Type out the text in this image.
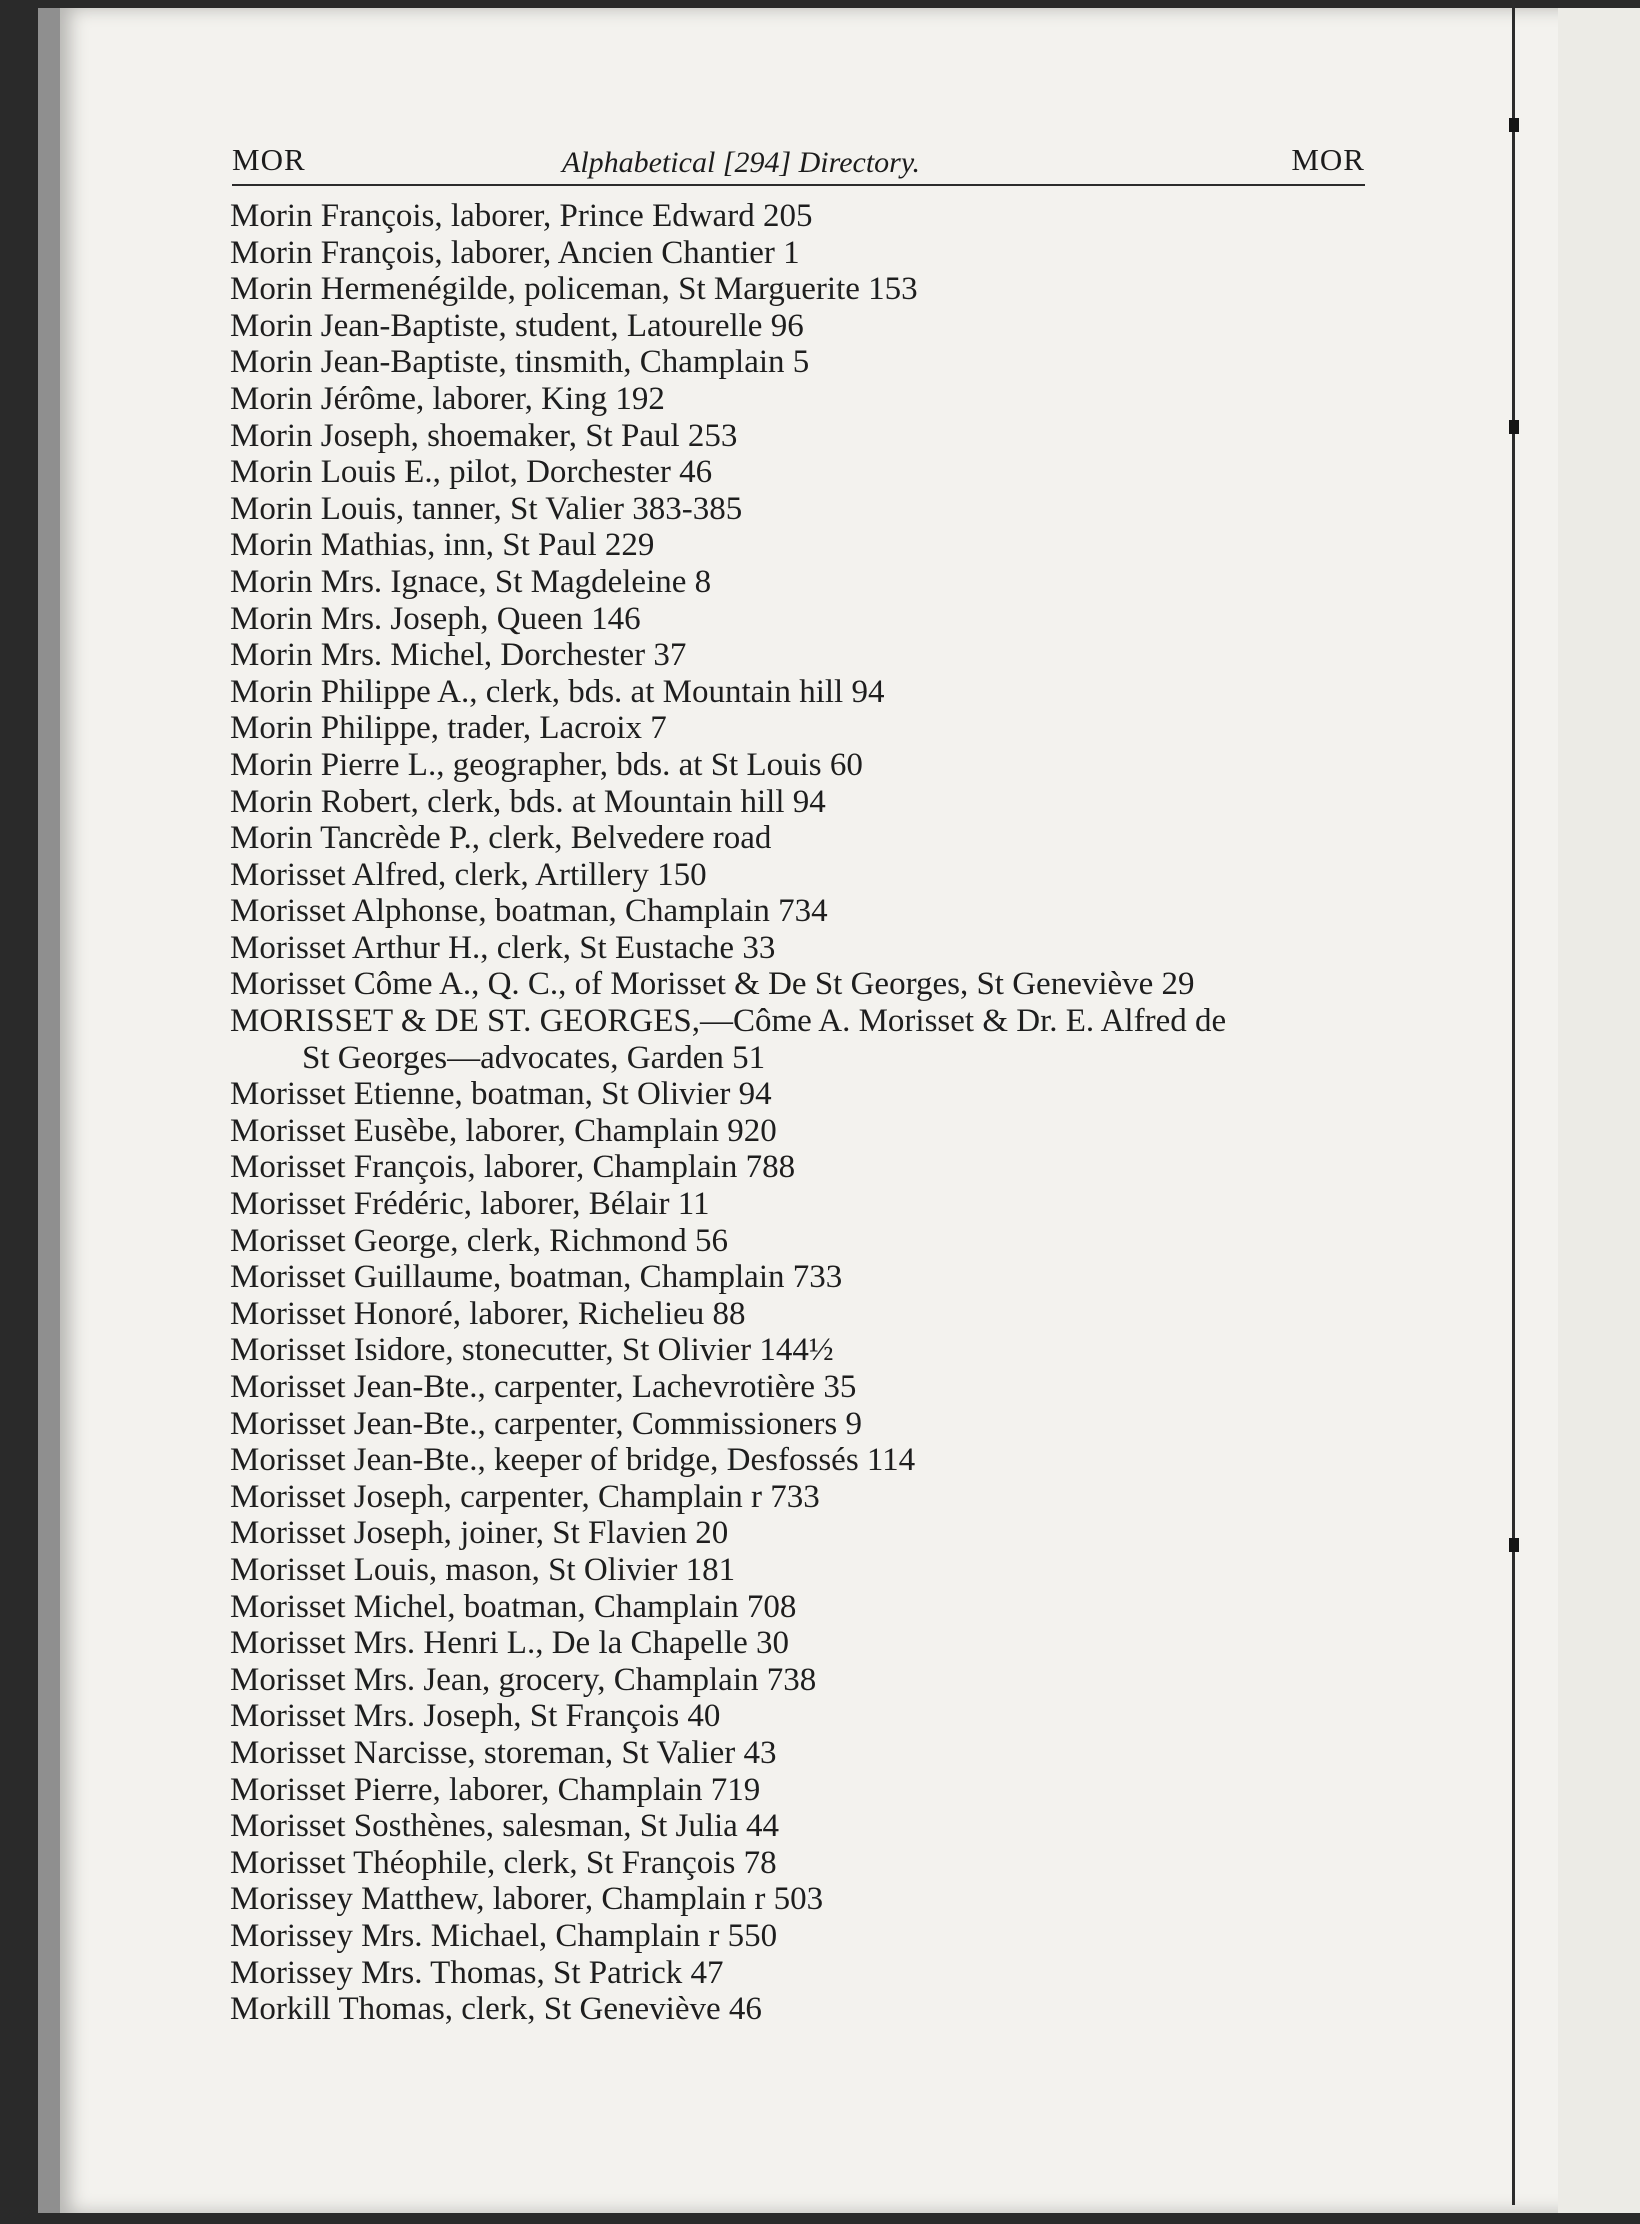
MOR	Alphabetical [294] Directory.	MOR
Morin François, laborer, Prince Edward 205
Morin François, laborer, Ancien Chantier 1
Morin Hermenégilde, policeman, St Marguerite 153
Morin Jean-Baptiste, student, Latourelle 96
Morin Jean-Baptiste, tinsmith, Champlain 5
Morin Jérôme, laborer, King 192
Morin Joseph, shoemaker, St Paul 253
Morin Louis E., pilot, Dorchester 46
Morin Louis, tanner, St Valier 383-385
Morin Mathias, inn, St Paul 229
Morin Mrs. Ignace, St Magdeleine 8
Morin Mrs. Joseph, Queen 146
Morin Mrs. Michel, Dorchester 37
Morin Philippe A., clerk, bds. at Mountain hill 94
Morin Philippe, trader, Lacroix 7
Morin Pierre L., geographer, bds. at St Louis 60
Morin Robert, clerk, bds. at Mountain hill 94
Morin Tancrède P., clerk, Belvedere road
Morisset Alfred, clerk, Artillery 150
Morisset Alphonse, boatman, Champlain 734
Morisset Arthur H., clerk, St Eustache 33
Morisset Côme A., Q. C., of Morisset & De St Georges, St Geneviève 29
MORISSET & DE ST. GEORGES,—Côme A. Morisset & Dr. E. Alfred de
St Georges—advocates, Garden 51
Morisset Etienne, boatman, St Olivier 94
Morisset Eusèbe, laborer, Champlain 920
Morisset François, laborer, Champlain 788
Morisset Frédéric, laborer, Bélair 11
Morisset George, clerk, Richmond 56
Morisset Guillaume, boatman, Champlain 733
Morisset Honoré, laborer, Richelieu 88
Morisset Isidore, stonecutter, St Olivier 144½
Morisset Jean-Bte., carpenter, Lachevrotière 35
Morisset Jean-Bte., carpenter, Commissioners 9
Morisset Jean-Bte., keeper of bridge, Desfossés 114
Morisset Joseph, carpenter, Champlain r 733
Morisset Joseph, joiner, St Flavien 20
Morisset Louis, mason, St Olivier 181
Morisset Michel, boatman, Champlain 708
Morisset Mrs. Henri L., De la Chapelle 30
Morisset Mrs. Jean, grocery, Champlain 738
Morisset Mrs. Joseph, St François 40
Morisset Narcisse, storeman, St Valier 43
Morisset Pierre, laborer, Champlain 719
Morisset Sosthènes, salesman, St Julia 44
Morisset Théophile, clerk, St François 78
Morissey Matthew, laborer, Champlain r 503
Morissey Mrs. Michael, Champlain r 550
Morissey Mrs. Thomas, St Patrick 47
Morkill Thomas, clerk, St Geneviève 46
